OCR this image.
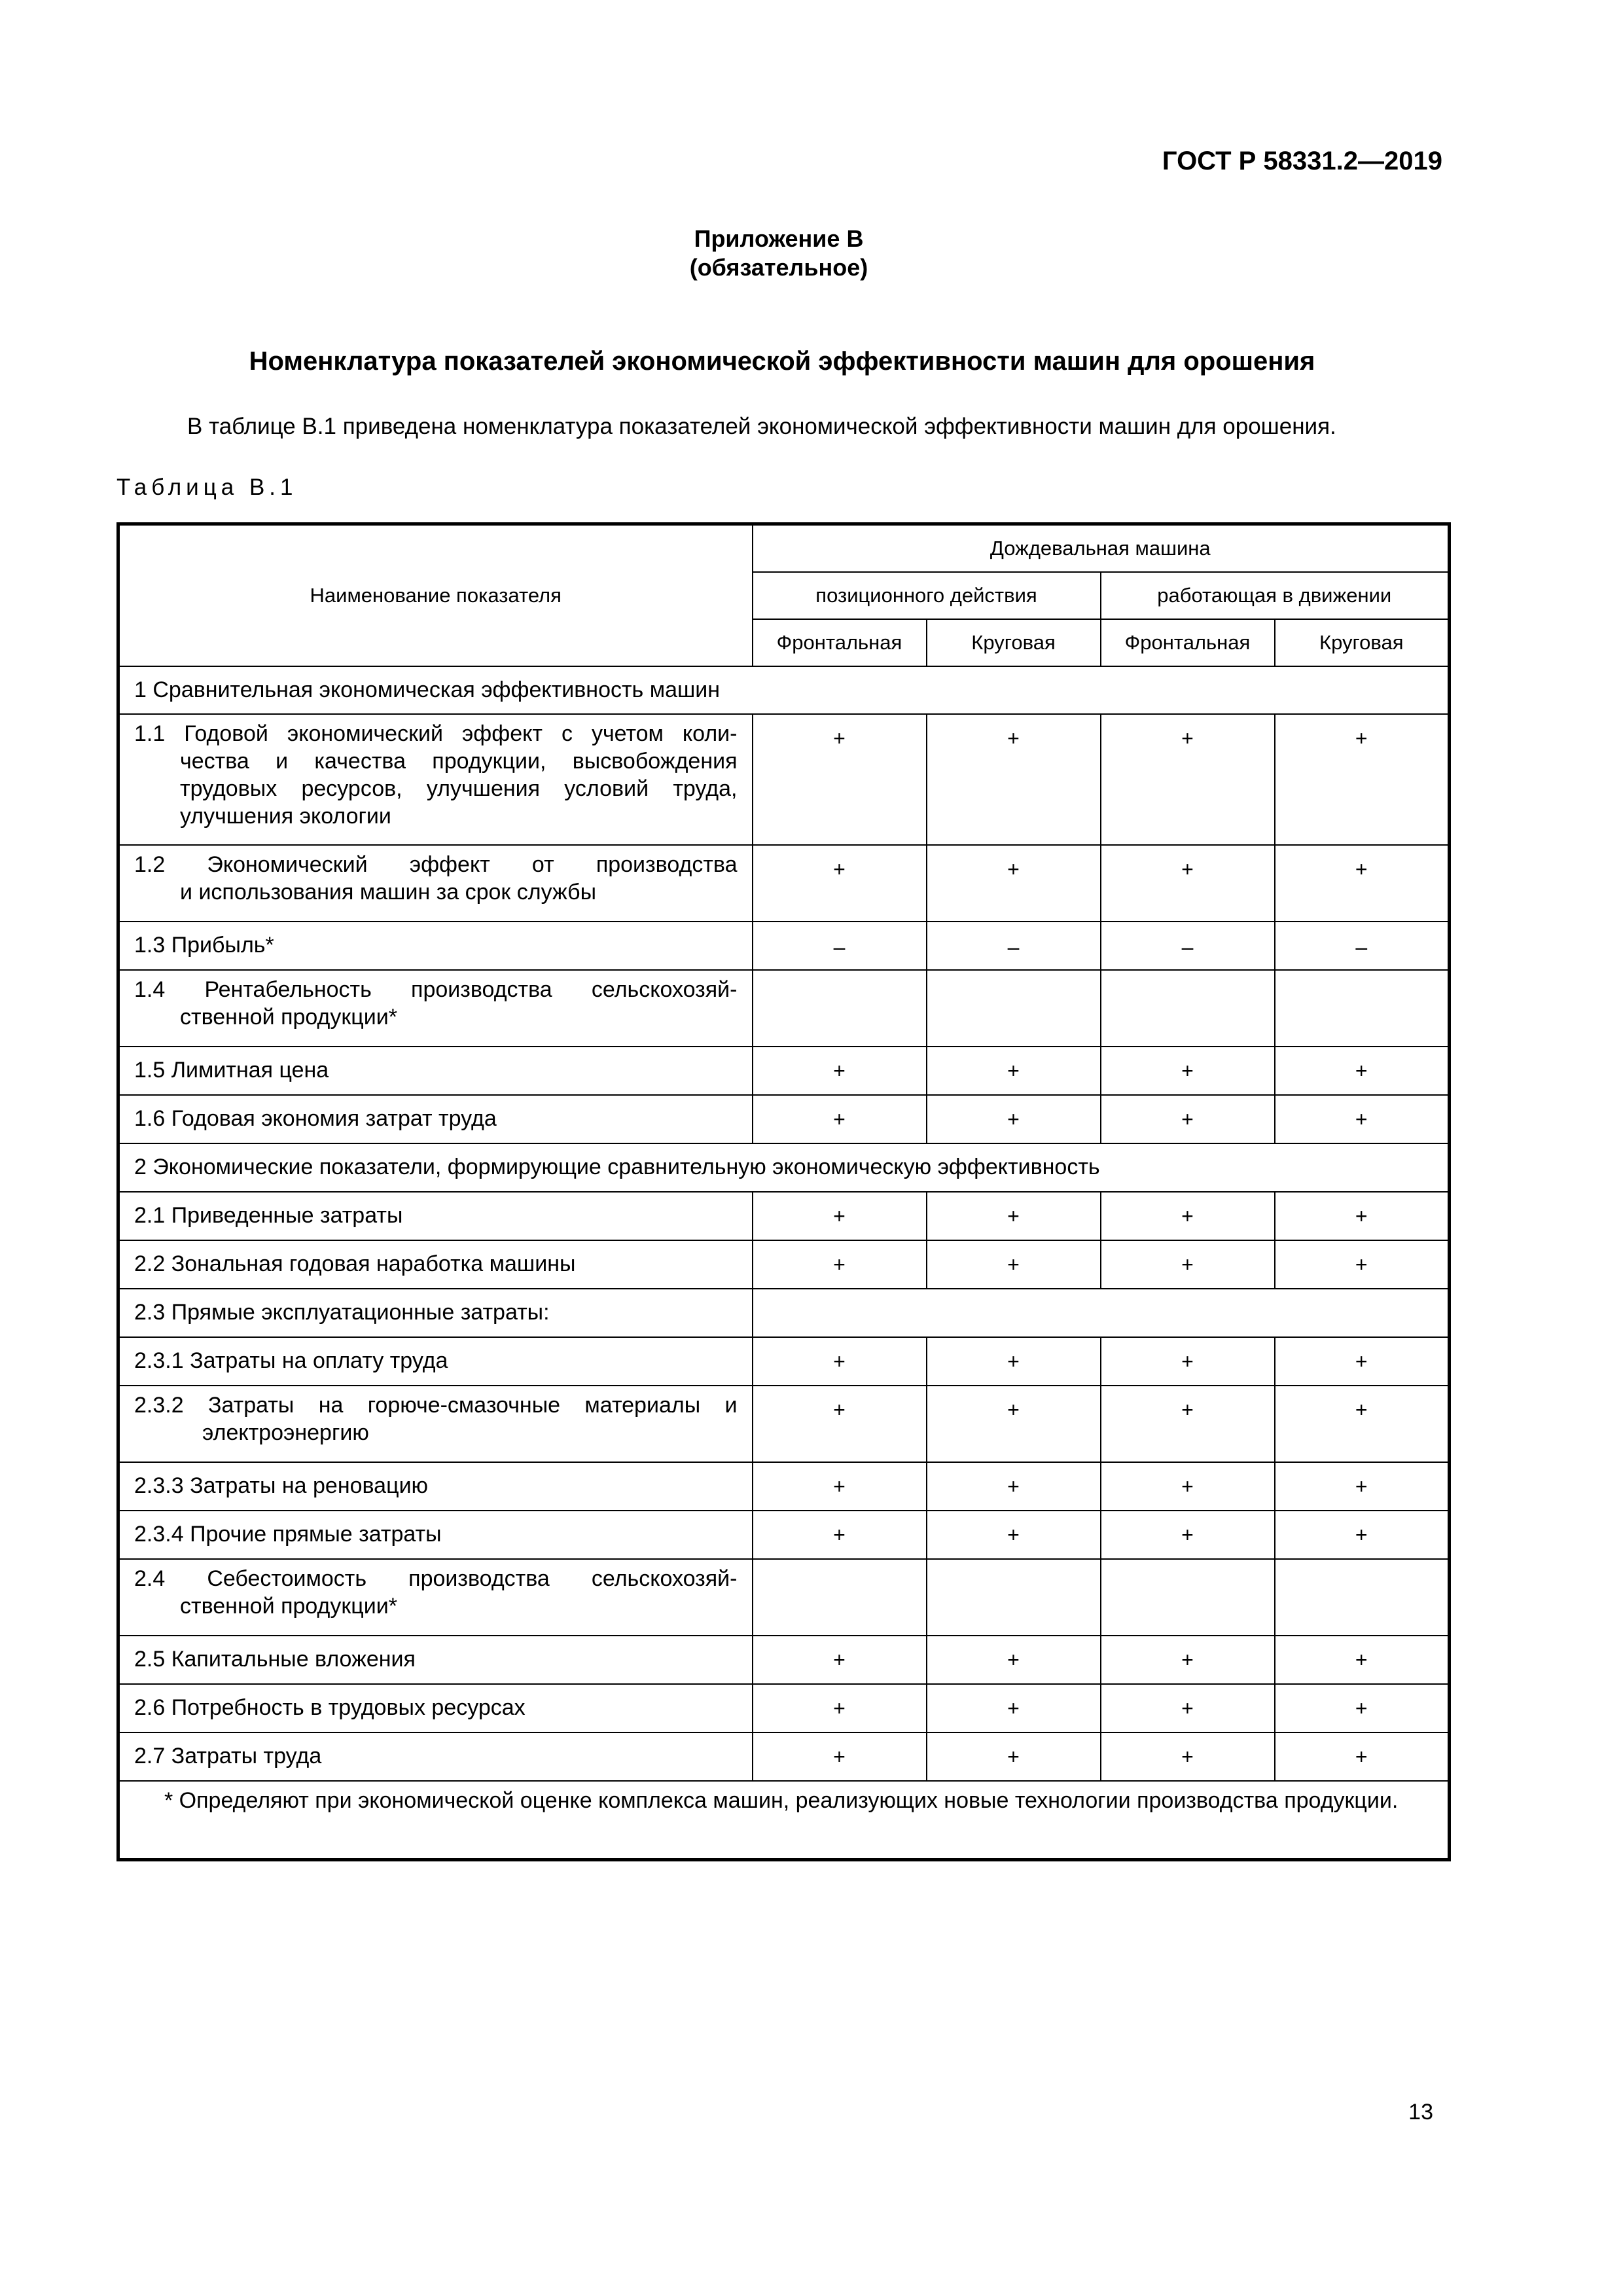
ГОСТ Р 58331.2—2019
Приложение В
(обязательное)
Номенклатура показателей экономической эффективности машин для орошения
В таблице В.1 приведена номенклатура показателей экономической эффективности машин для орошения.
Таблица В.1
Наименование показателя	Дождевальная машина			
	позиционного действия		работающая в движении	
	Фронтальная	Круговая	Фронтальная	Круговая
1 Сравнительная экономическая эффективность машин				

1.1 Годовой экономический эффект с учетом коли-
чества и качества продукции, высвобождения
трудовых ресурсов, улучшения условий труда,
улучшения экологии	+	+	+	+

1.2 Экономический эффект от производства
и использования машин за срок службы	+	+	+	+

1.3 Прибыль*	–	–	–	–

1.4 Рентабельность производства сельскохозяй-
ственной продукции*				

1.5 Лимитная цена	+	+	+	+

1.6 Годовая экономия затрат труда	+	+	+	+
2 Экономические показатели, формирующие сравнительную экономическую эффективность				

2.1 Приведенные затраты	+	+	+	+

2.2 Зональная годовая наработка машины	+	+	+	+

2.3 Прямые эксплуатационные затраты:				

2.3.1 Затраты на оплату труда	+	+	+	+

2.3.2 Затраты на горюче-смазочные материалы и
электроэнергию	+	+	+	+

2.3.3 Затраты на реновацию	+	+	+	+

2.3.4 Прочие прямые затраты	+	+	+	+

2.4 Себестоимость производства сельскохозяй-
ственной продукции*				

2.5 Капитальные вложения	+	+	+	+

2.6 Потребность в трудовых ресурсах	+	+	+	+

2.7 Затраты труда	+	+	+	+

* Определяют при экономической оценке комплекса машин, реализующих новые технологии производства продукции.				
13
